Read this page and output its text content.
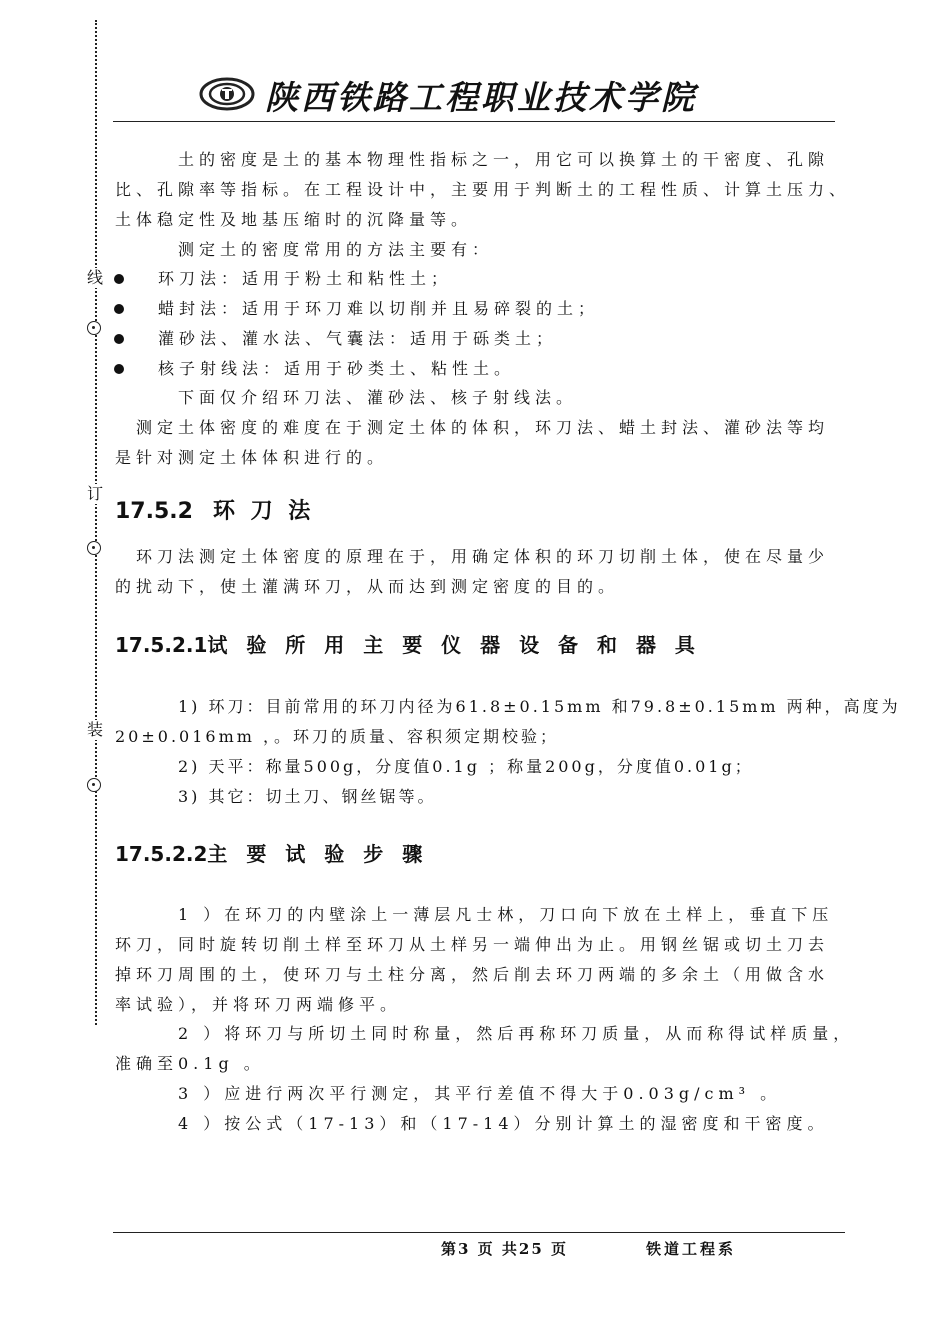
线
订
装
陕西铁路工程职业技术学院
土的密度是土的基本物理性指标之一，用它可以换算土的干密度、孔隙
比、孔隙率等指标。在工程设计中，主要用于判断土的工程性质、计算土压力、
土体稳定性及地基压缩时的沉降量等。
测定土的密度常用的方法主要有：
环刀法：适用于粉土和粘性土；
蜡封法：适用于环刀难以切削并且易碎裂的土；
灌砂法、灌水法、气囊法：适用于砾类土；
核子射线法：适用于砂类土、粘性土。
下面仅介绍环刀法、灌砂法、核子射线法。
测定土体密度的难度在于测定土体的体积，环刀法、蜡土封法、灌砂法等均
是针对测定土体体积进行的。
17.5.2 环 刀 法
环刀法测定土体密度的原理在于，用确定体积的环刀切削土体，使在尽量少
的扰动下，使土灌满环刀，从而达到测定密度的目的。
17.5.2.1试 验 所 用 主 要 仪 器 设 备 和 器 具
1) 环刀：目前常用的环刀内径为61.8±0.15mm 和79.8±0.15mm 两种，高度为
20±0.016mm ，。环刀的质量、容积须定期校验；
2) 天平：称量500g，分度值0.1g ；称量200g，分度值0.01g；
3) 其它：切土刀、钢丝锯等。
17.5.2.2主 要 试 验 步 骤
1 ）在环刀的内壁涂上一薄层凡士林，刀口向下放在土样上，垂直下压
环刀，同时旋转切削土样至环刀从土样另一端伸出为止。用钢丝锯或切土刀去
掉环刀周围的土，使环刀与土柱分离，然后削去环刀两端的多余土（用做含水
率试验），并将环刀两端修平。
2 ）将环刀与所切土同时称量，然后再称环刀质量，从而称得试样质量，
准确至0.1g 。
3 ）应进行两次平行测定，其平行差值不得大于0.03g/cm³ 。
4 ）按公式（17-13）和（17-14）分别计算土的湿密度和干密度。
第3 页 共25 页	铁道工程系
